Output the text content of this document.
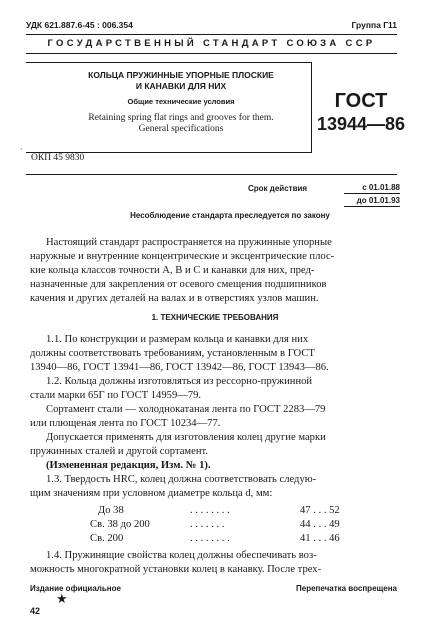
УДК 621.887.6-45 : 006.354	Группа Г11
ГОСУДАРСТВЕННЫЙ СТАНДАРТ СОЮЗА ССР
КОЛЬЦА ПРУЖИННЫЕ УПОРНЫЕ ПЛОСКИЕ
И КАНАВКИ ДЛЯ НИХ
Общие технические условия
Retaining spring flat rings and grooves for them.
General specifications
ГОСТ
13944—86
`
ОКП 45 9830
Срок действия	с 01.01.88
до 01.01.93
Несоблюдение стандарта преследуется по закону
Настоящий стандарт распространяется на пружинные упорные
наружные и внутренние концентрические и эксцентрические плос-
кие кольца классов точности А, В и С и канавки для них, пред-
назначенные для закрепления от осевого смещения подшипников
качения и других деталей на валах и в отверстиях узлов машин.
1. ТЕХНИЧЕСКИЕ ТРЕБОВАНИЯ
1.1. По конструкции и размерам кольца и канавки для них
должны соответствовать требованиям, установленным в ГОСТ
13940—86, ГОСТ 13941—86, ГОСТ 13942—86, ГОСТ 13943—86.
1.2. Кольца должны изготовляться из рессорно-пружинной
стали марки 65Г по ГОСТ 14959—79.
Сортамент стали — холоднокатаная лента по ГОСТ 2283—79
или плющеная лента по ГОСТ 10234—77.
Допускается применять для изготовления колец другие марки
пружинных сталей и другой сортамент.
(Измененная редакция, Изм. № 1).
1.3. Твердость HRC, колец должна соответствовать следую-
щим значениям при условном диаметре кольца d, мм:
До 38	. . . . . . . .	47 . . . 52
Св. 38 до 200	. . . . . . .	44 . . . 49
Св. 200	. . . . . . . .	41 . . . 46
1.4. Пружинящие свойства колец должны обеспечивать воз-
можность многократной установки колец в канавку. После трех-
Издание официальное	Перепечатка воспрещена
★
42
